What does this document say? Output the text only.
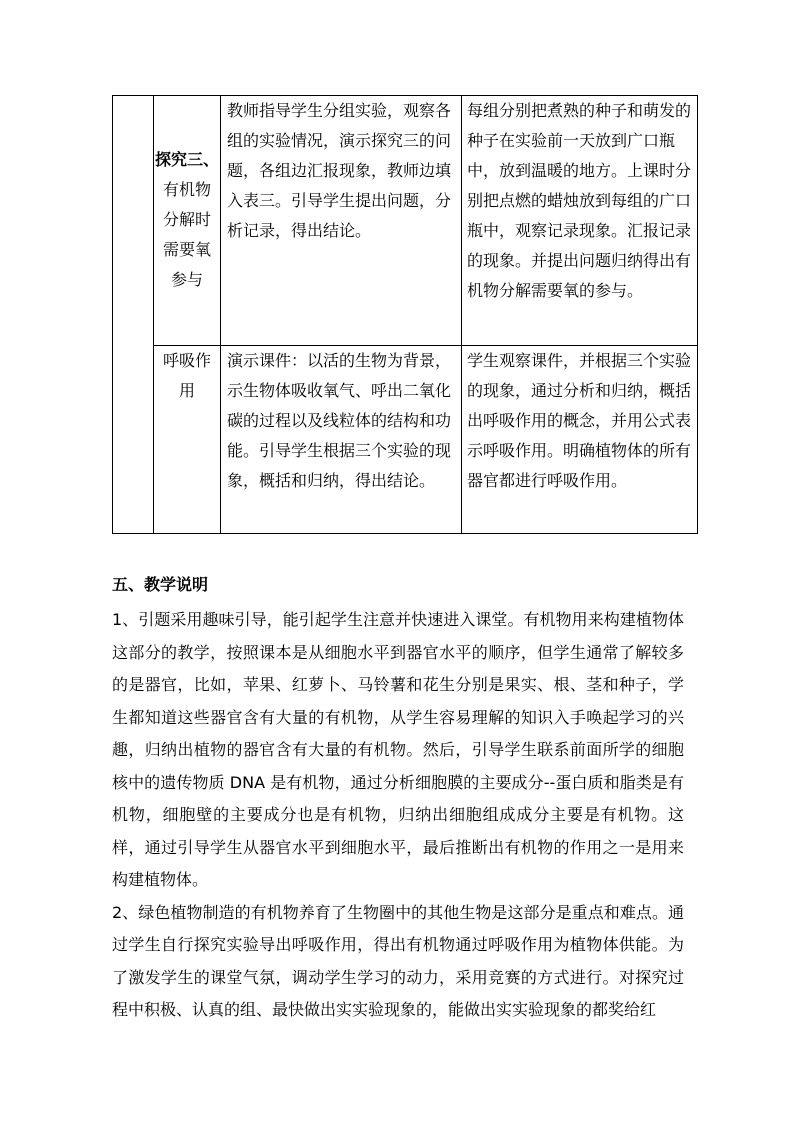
	探究三、
有机物
分解时
需要氧
参与	教师指导学生分组实验，观察各组的实验情况，演示探究三的问题，各组边汇报现象，教师边填入表三。引导学生提出问题，分析记录，得出结论。	每组分别把煮熟的种子和萌发的种子在实验前一天放到广口瓶中，放到温暖的地方。上课时分别把点燃的蜡烛放到每组的广口瓶中，观察记录现象。汇报记录的现象。并提出问题归纳得出有机物分解需要氧的参与。

	呼吸作
用	演示课件：以活的生物为背景，示生物体吸收氧气、呼出二氧化碳的过程以及线粒体的结构和功能。引导学生根据三个实验的现象，概括和归纳，得出结论。	学生观察课件，并根据三个实验的现象，通过分析和归纳，概括出呼吸作用的概念，并用公式表示呼吸作用。明确植物体的所有器官都进行呼吸作用。
五、教学说明

1、引题采用趣味引导，能引起学生注意并快速进入课堂。有机物用来构建植物体这部分的教学，按照课本是从细胞水平到器官水平的顺序，但学生通常了解较多的是器官，比如，苹果、红萝卜、马铃薯和花生分别是果实、根、茎和种子，学生都知道这些器官含有大量的有机物，从学生容易理解的知识入手唤起学习的兴趣，归纳出植物的器官含有大量的有机物。然后，引导学生联系前面所学的细胞核中的遗传物质 DNA 是有机物，通过分析细胞膜的主要成分--蛋白质和脂类是有机物，细胞壁的主要成分也是有机物，归纳出细胞组成成分主要是有机物。这样，通过引导学生从器官水平到细胞水平，最后推断出有机物的作用之一是用来构建植物体。

2、绿色植物制造的有机物养育了生物圈中的其他生物是这部分是重点和难点。通过学生自行探究实验导出呼吸作用，得出有机物通过呼吸作用为植物体供能。为了激发学生的课堂气氛，调动学生学习的动力，采用竞赛的方式进行。对探究过程中积极、认真的组、最快做出实实验现象的，能做出实实验现象的都奖给红
